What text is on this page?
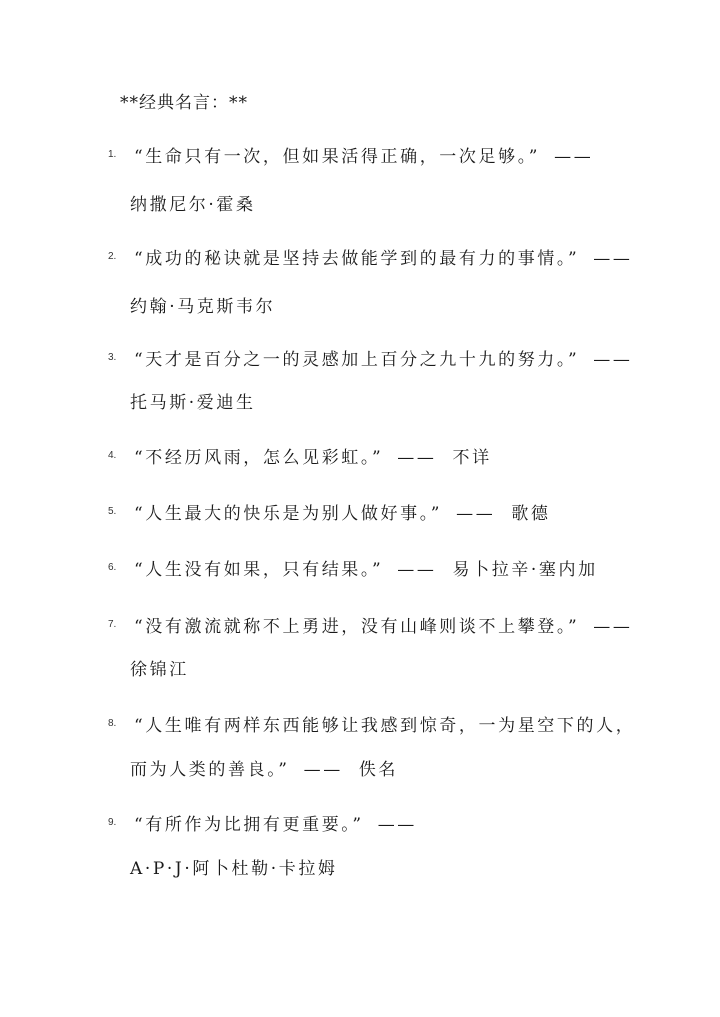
**经典名言：**
1. “生命只有一次，但如果活得正确，一次足够。” ——
纳撒尼尔·霍桑
2. “成功的秘诀就是坚持去做能学到的最有力的事情。” ——
约翰·马克斯韦尔
3. “天才是百分之一的灵感加上百分之九十九的努力。” ——
托马斯·爱迪生
4. “不经历风雨，怎么见彩虹。” —— 不详
5. “人生最大的快乐是为别人做好事。” —— 歌德
6. “人生没有如果，只有结果。” —— 易卜拉辛·塞内加
7. “没有激流就称不上勇进，没有山峰则谈不上攀登。” ——
徐锦江
8. “人生唯有两样东西能够让我感到惊奇，一为星空下的人，
而为人类的善良。” —— 佚名
9. “有所作为比拥有更重要。” ——
A·P·J·阿卜杜勒·卡拉姆
